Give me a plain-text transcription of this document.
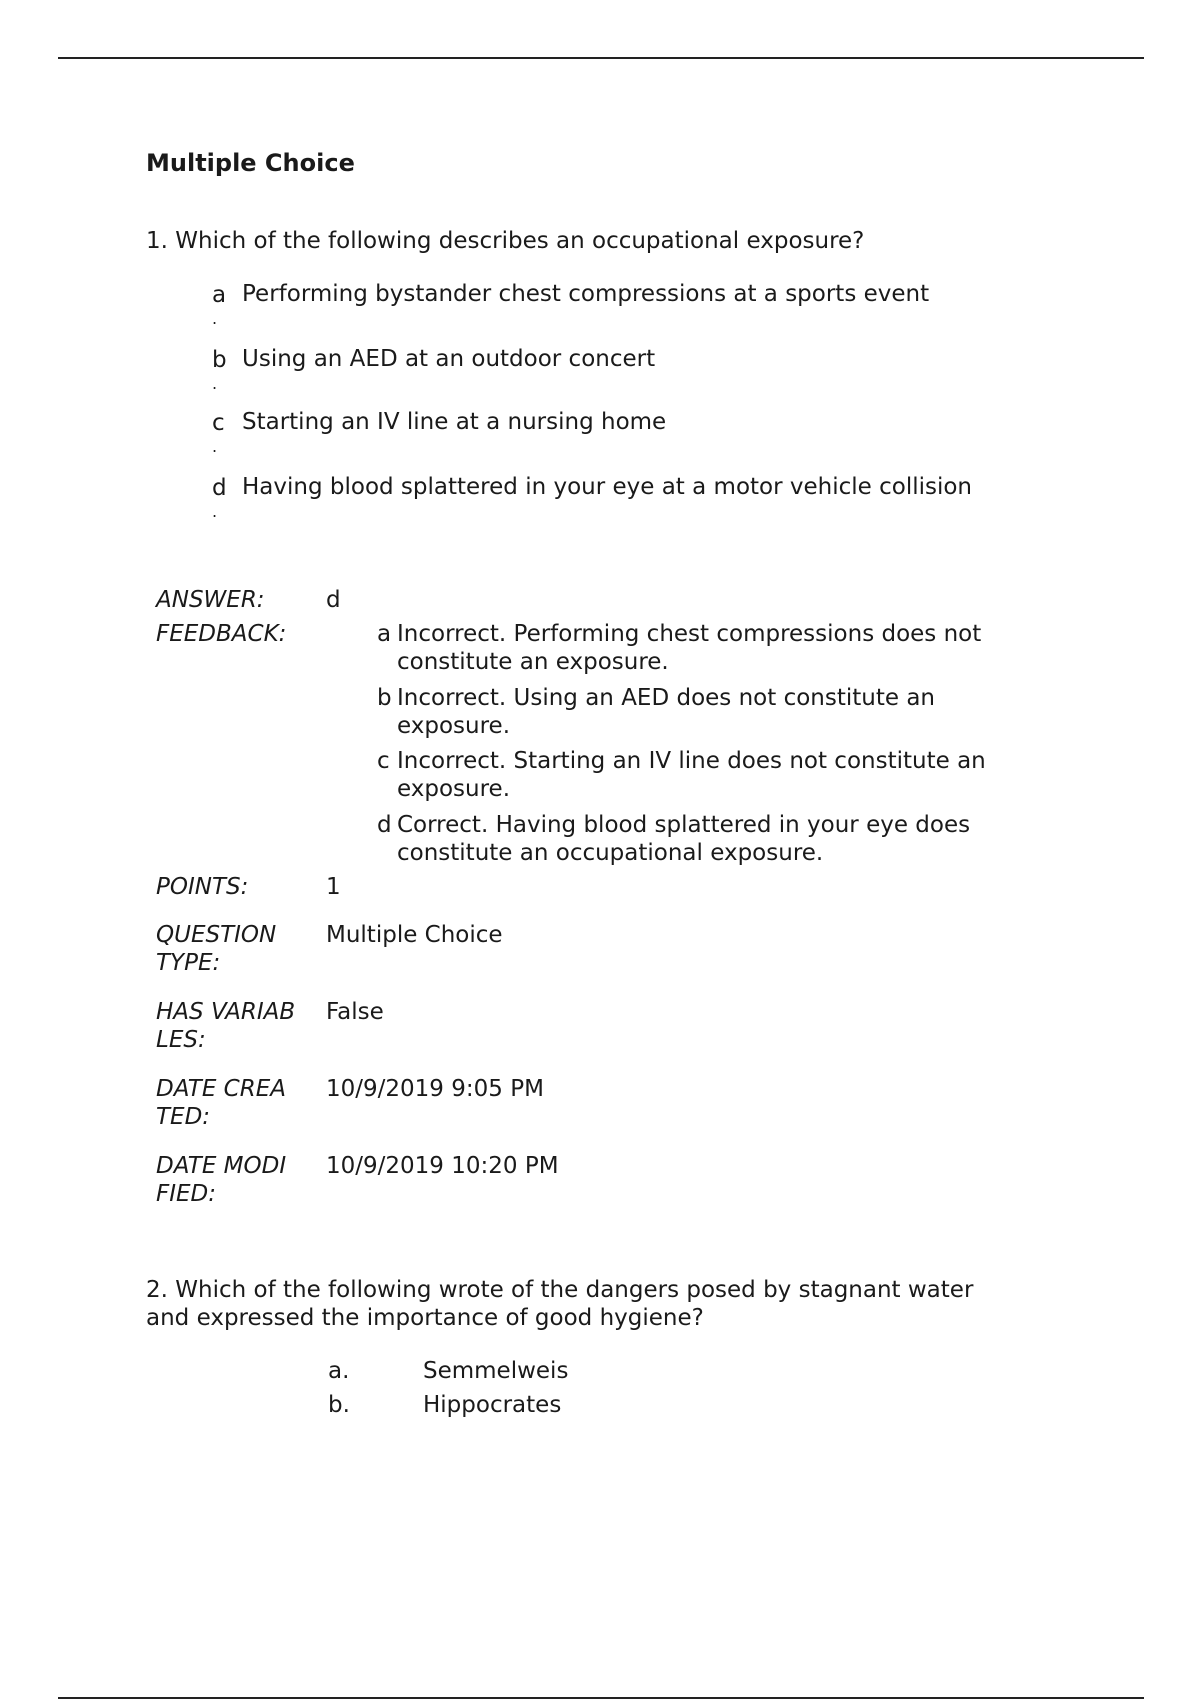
Multiple Choice
1. Which of the following describes an occupational exposure?
a
.
Performing bystander chest compressions at a sports event
b
.
Using an AED at an outdoor concert
c
.
Starting an IV line at a nursing home
d
.
Having blood splattered in your eye at a motor vehicle collision
ANSWER:	d
FEEDBACK:	a Incorrect. Performing chest compressions does not constitute an exposure.
b Incorrect. Using an AED does not constitute an exposure.
c Incorrect. Starting an IV line does not constitute an exposure.
d Correct. Having blood splattered in your eye does constitute an occupational exposure.
POINTS:	1
QUESTION
TYPE:
Multiple Choice
HAS VARIAB
LES:
False
DATE CREA
TED:
10/9/2019 9:05 PM
DATE MODI
FIED:
10/9/2019 10:20 PM
2. Which of the following wrote of the dangers posed by stagnant water
and expressed the importance of good hygiene?
a.	Semmelweis
b.	Hippocrates
